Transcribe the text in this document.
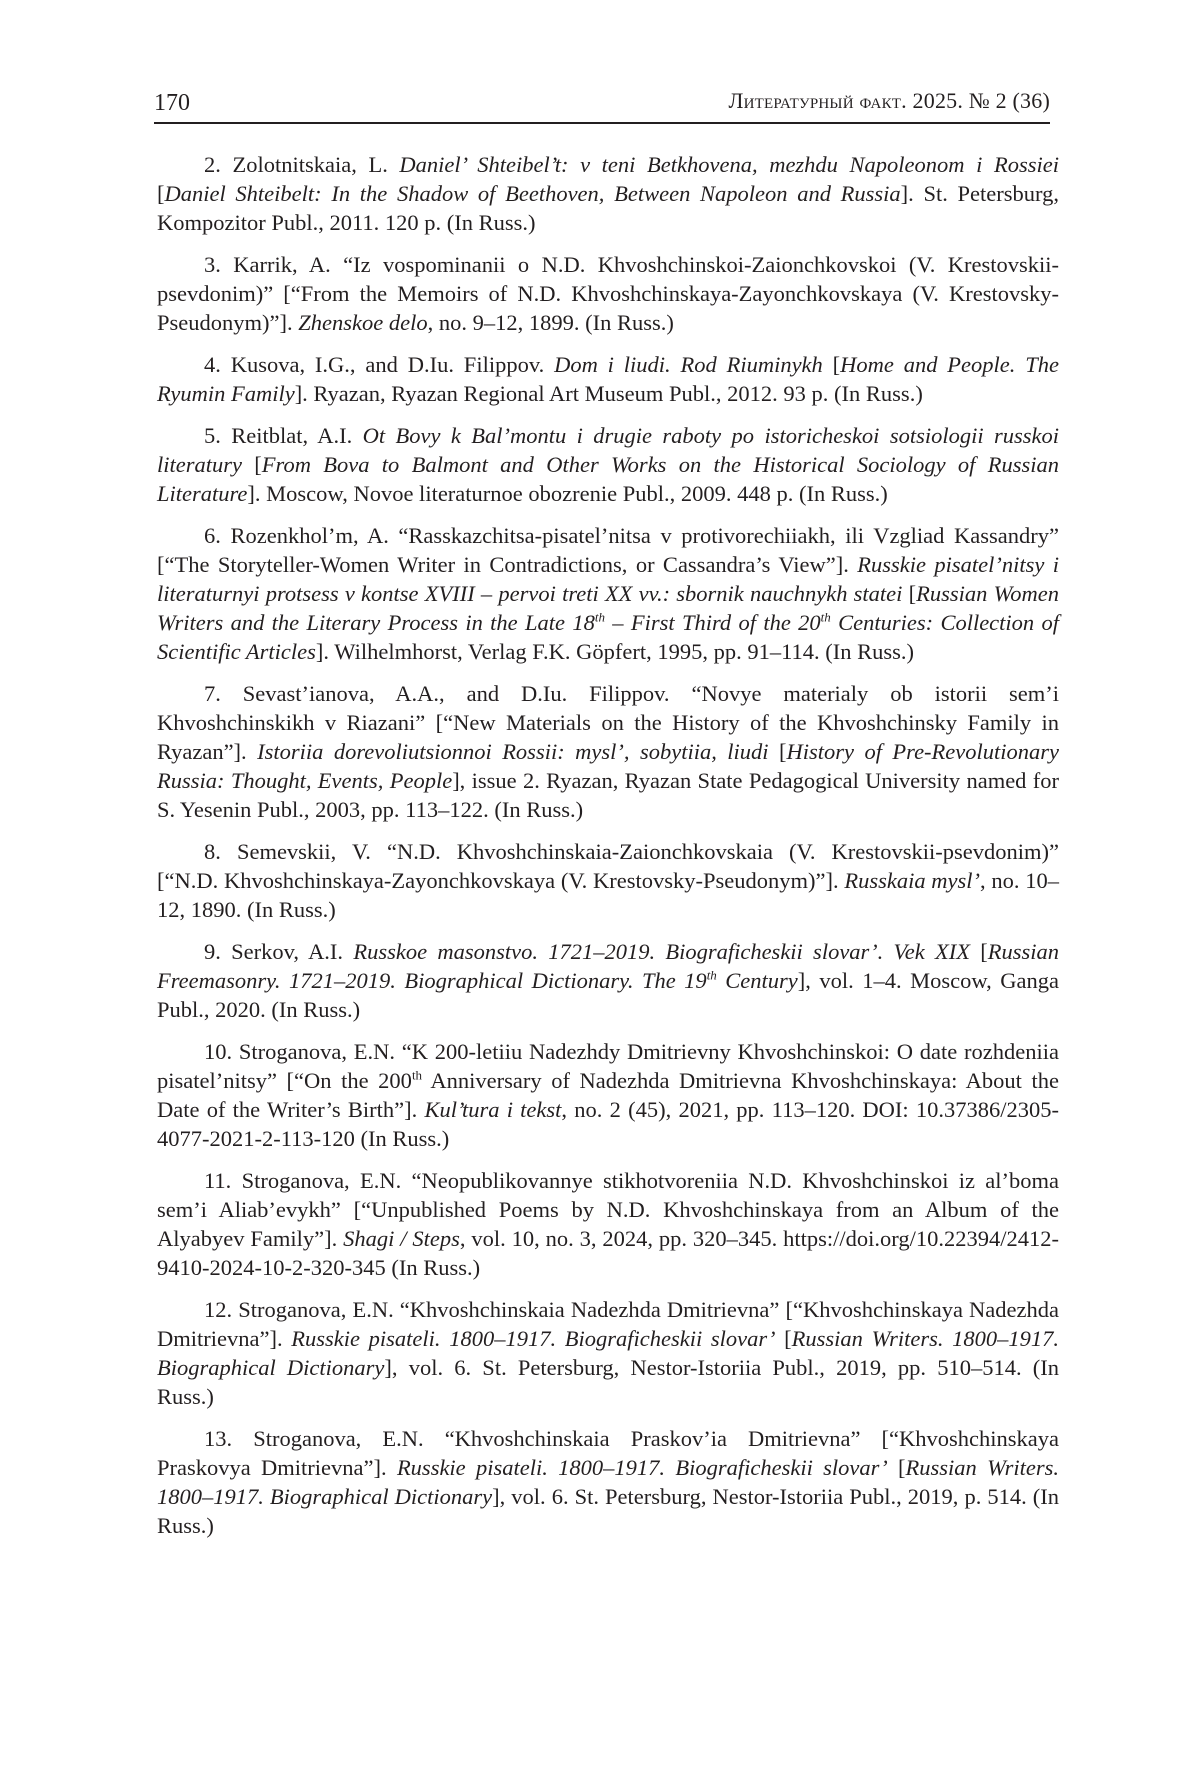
170	Литературный факт. 2025. № 2 (36)

2. Zolotnitskaia, L. Daniel’ Shteibel’t: v teni Betkhovena, mezhdu Napoleonom i Rossiei [Daniel Shteibelt: In the Shadow of Beethoven, Between Napoleon and Russia]. St. Petersburg, Kompozitor Publ., 2011. 120 p. (In Russ.)

3. Karrik, A. “Iz vospominanii o N.D. Khvoshchinskoi-Zaionchkovskoi (V. Krestovskii-psevdonim)” [“From the Memoirs of N.D. Khvoshchinskaya-Zayonchkovskaya (V. Krestovsky-Pseudonym)”]. Zhenskoe delo, no. 9–12, 1899. (In Russ.)

4. Kusova, I.G., and D.Iu. Filippov. Dom i liudi. Rod Riuminykh [Home and People. The Ryumin Family]. Ryazan, Ryazan Regional Art Museum Publ., 2012. 93 p. (In Russ.)

5. Reitblat, A.I. Ot Bovy k Bal’montu i drugie raboty po istoricheskoi sotsiologii russkoi literatury [From Bova to Balmont and Other Works on the Historical Sociology of Russian Literature]. Moscow, Novoe literaturnoe obozrenie Publ., 2009. 448 p. (In Russ.)

6. Rozenkhol’m, A. “Rasskazchitsa-pisatel’nitsa v protivorechiiakh, ili Vzgliad Kassandry” [“The Storyteller-Women Writer in Contradictions, or Cassandra’s View”]. Russkie pisatel’nitsy i literaturnyi protsess v kontse XVIII – pervoi treti XX vv.: sbornik nauchnykh statei [Russian Women Writers and the Literary Process in the Late 18th – First Third of the 20th Centuries: Collection of Scientific Articles]. Wilhelmhorst, Verlag F.K. Göpfert, 1995, pp. 91–114. (In Russ.)

7. Sevast’ianova, A.A., and D.Iu. Filippov. “Novye materialy ob istorii sem’i Khvoshchinskikh v Riazani” [“New Materials on the History of the Khvoshchinsky Family in Ryazan”]. Istoriia dorevoliutsionnoi Rossii: mysl’, sobytiia, liudi [History of Pre-Revolutionary Russia: Thought, Events, People], issue 2. Ryazan, Ryazan State Pedagogical University named for S. Yesenin Publ., 2003, pp. 113–122. (In Russ.)

8. Semevskii, V. “N.D. Khvoshchinskaia-Zaionchkovskaia (V. Krestovskii-psevdonim)” [“N.D. Khvoshchinskaya-Zayonchkovskaya (V. Krestovsky-Pseudonym)”]. Russkaia mysl’, no. 10–12, 1890. (In Russ.)

9. Serkov, A.I. Russkoe masonstvo. 1721–2019. Biograficheskii slovar’. Vek XIX [Russian Freemasonry. 1721–2019. Biographical Dictionary. The 19th Century], vol. 1–4. Moscow, Ganga Publ., 2020. (In Russ.)

10. Stroganova, E.N. “K 200-letiiu Nadezhdy Dmitrievny Khvoshchinskoi: O date rozhdeniia pisatel’nitsy” [“On the 200th Anniversary of Nadezhda Dmitrievna Khvoshchinskaya: About the Date of the Writer’s Birth”]. Kul’tura i tekst, no. 2 (45), 2021, pp. 113–120. DOI: 10.37386/2305-4077-2021-2-113-120 (In Russ.)

11. Stroganova, E.N. “Neopublikovannye stikhotvoreniia N.D. Khvoshchinskoi iz al’boma sem’i Aliab’evykh” [“Unpublished Poems by N.D. Khvoshchinskaya from an Album of the Alyabyev Family”]. Shagi / Steps, vol. 10, no. 3, 2024, pp. 320–345. https://doi.org/10.22394/2412-9410-2024-10-2-320-345 (In Russ.)

12. Stroganova, E.N. “Khvoshchinskaia Nadezhda Dmitrievna” [“Khvoshchinskaya Nadezhda Dmitrievna”]. Russkie pisateli. 1800–1917. Biograficheskii slovar’ [Russian Writers. 1800–1917. Biographical Dictionary], vol. 6. St. Petersburg, Nestor-Istoriia Publ., 2019, pp. 510–514. (In Russ.)

13. Stroganova, E.N. “Khvoshchinskaia Praskov’ia Dmitrievna” [“Khvoshchinskaya Praskovya Dmitrievna”]. Russkie pisateli. 1800–1917. Biograficheskii slovar’ [Russian Writers. 1800–1917. Biographical Dictionary], vol. 6. St. Petersburg, Nestor-Istoriia Publ., 2019, p. 514. (In Russ.)
